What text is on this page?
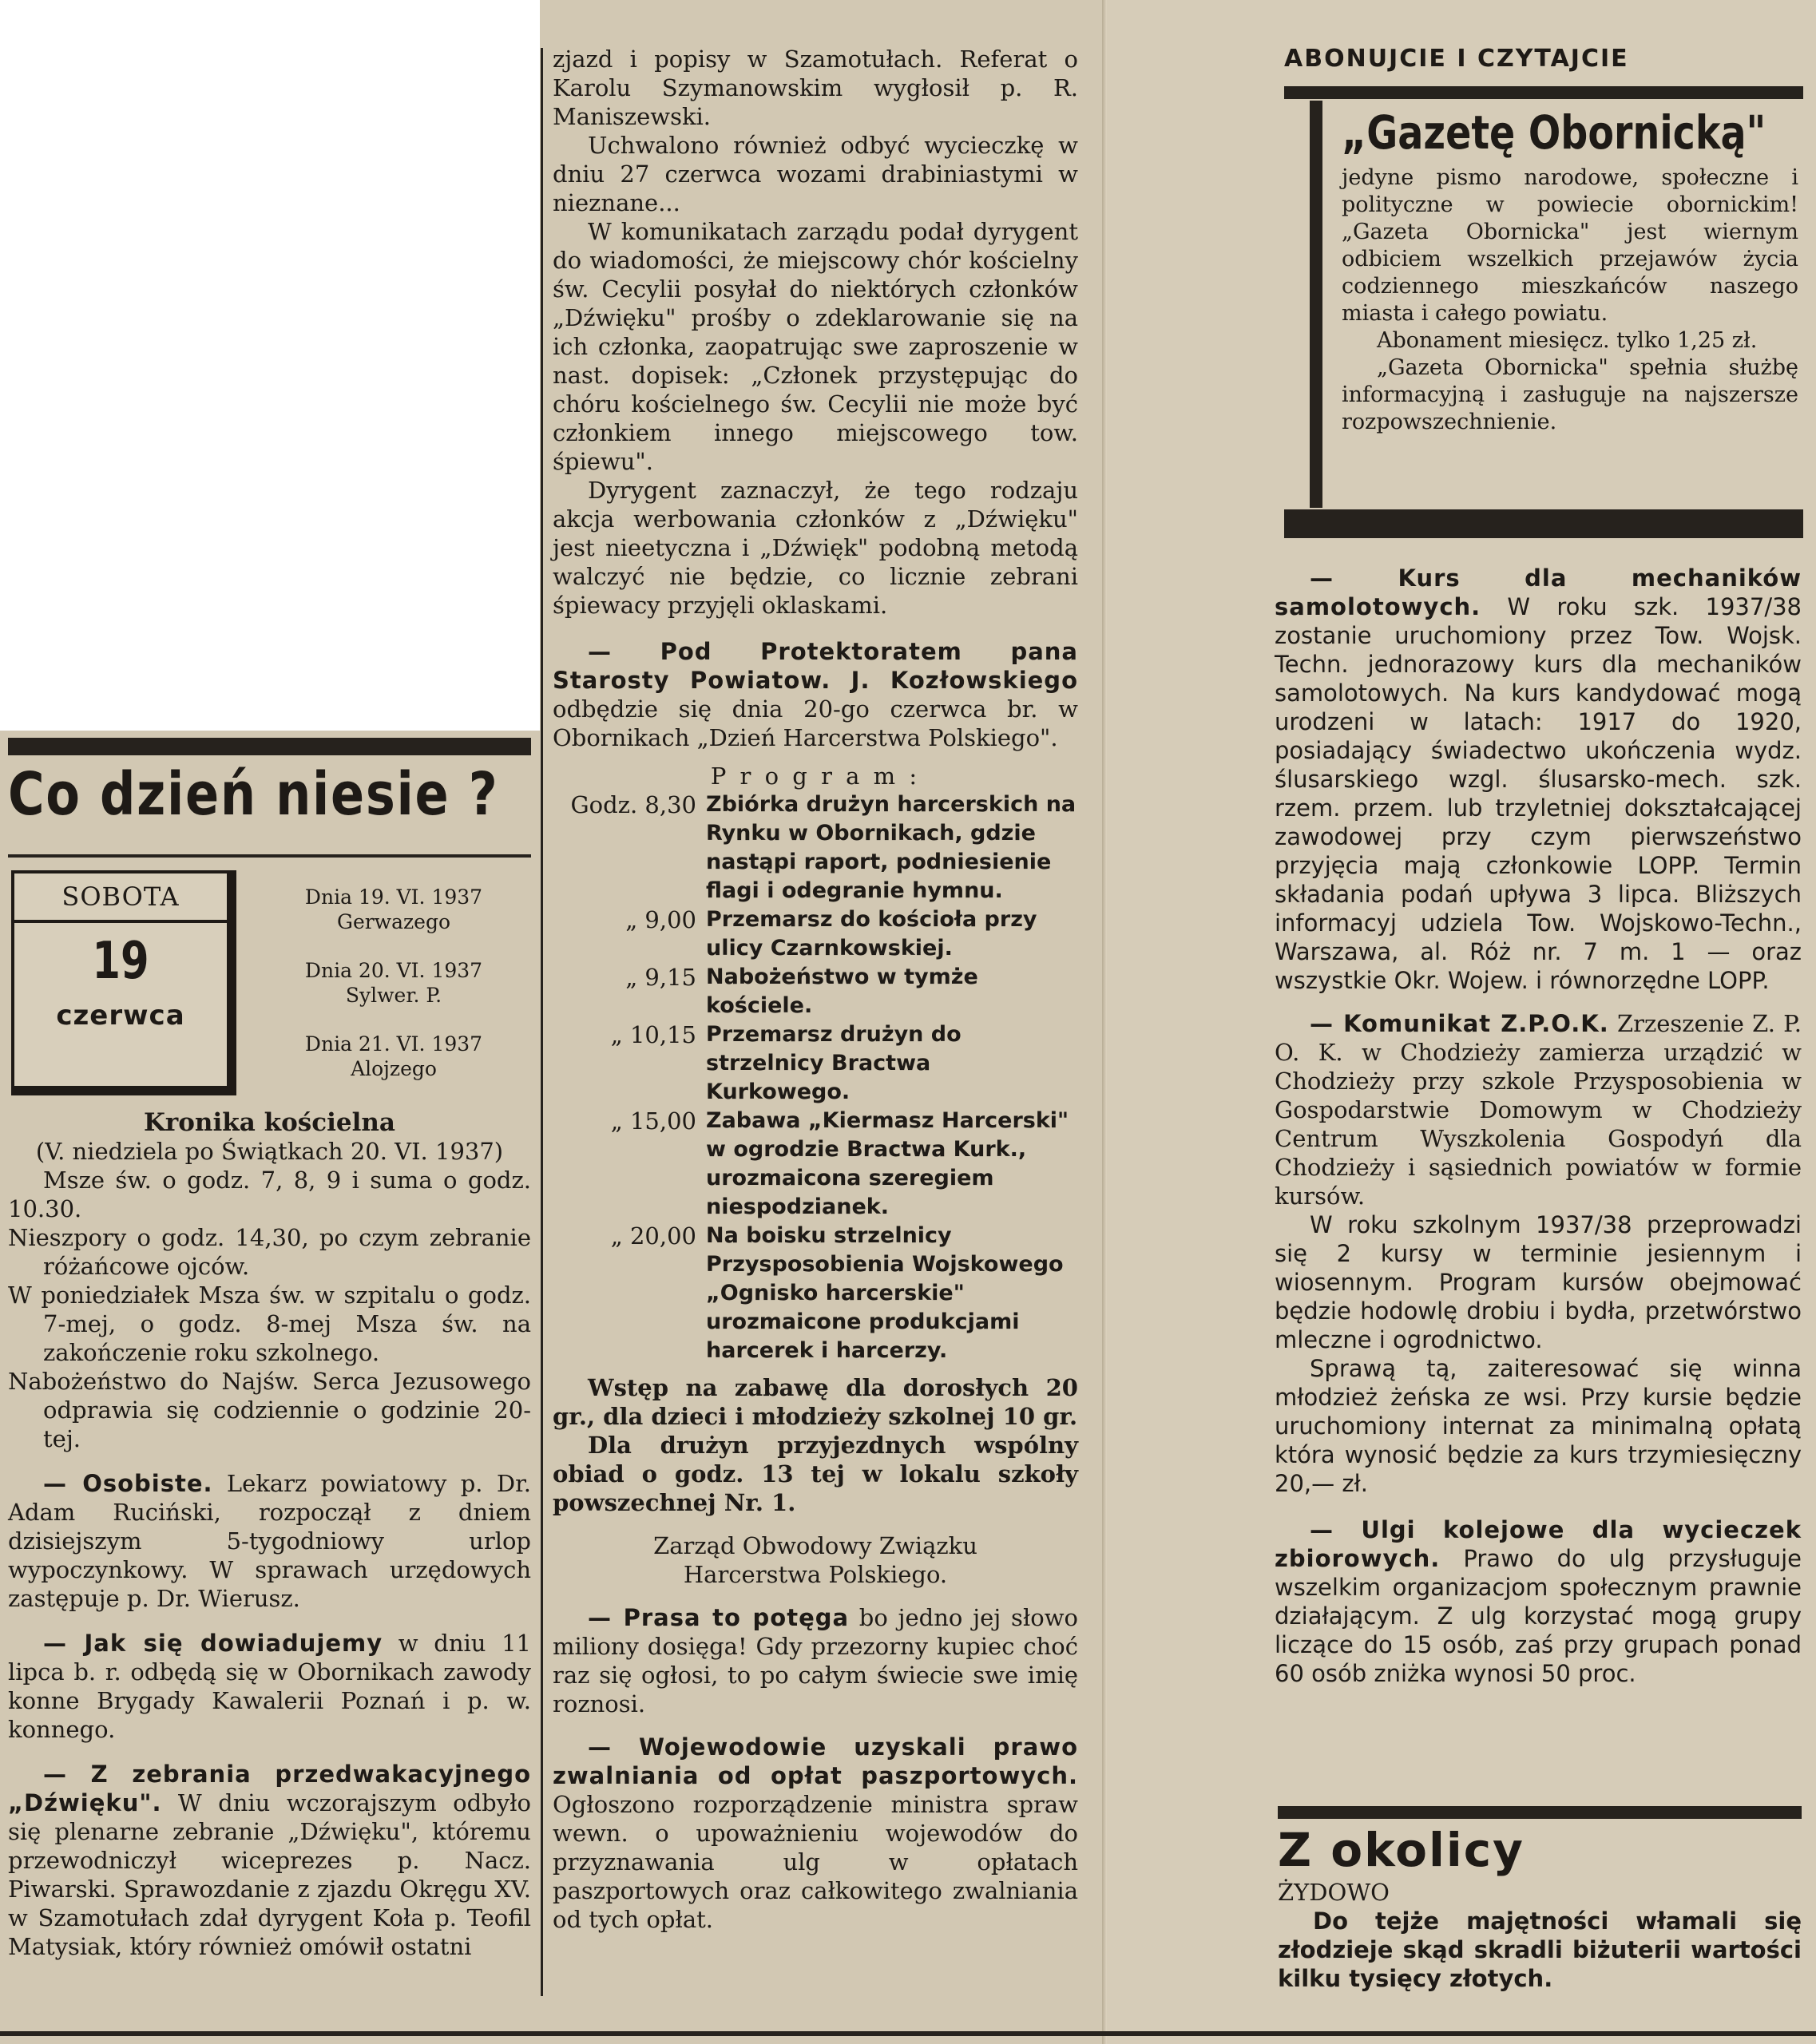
Co dzień niesie ?
SOBOTA
19
czerwca
Dnia 19. VI. 1937
Gerwazego
Dnia 20. VI. 1937
Sylwer. P.
Dnia 21. VI. 1937
Alojzego

Kronika kościelna

(V. niedziela po Świątkach 20. VI. 1937)

Msze św. o godz. 7, 8, 9 i suma o godz. 10.30.

Nieszpory o godz. 14,30, po czym zebranie różańcowe ojców.

W poniedziałek Msza św. w szpitalu o godz. 7-mej, o godz. 8-mej Msza św. na zakończenie roku szkolnego.

Nabożeństwo do Najśw. Serca Jezusowego odprawia się codziennie o godzinie 20-tej.

— Osobiste. Lekarz powiatowy p. Dr. Adam Ruciński, rozpoczął z dniem dzisiejszym 5-tygodniowy urlop wypoczynkowy. W sprawach urzędowych zastępuje p. Dr. Wierusz.

— Jak się dowiadujemy w dniu 11 lipca b. r. odbędą się w Obornikach zawody konne Brygady Kawalerii Poznań i p. w. konnego.

— Z zebrania przedwakacyjnego „Dźwięku". W dniu wczorajszym odbyło się plenarne zebranie „Dźwięku", któremu przewodniczył wiceprezes p. Nacz. Piwarski. Sprawozdanie z zjazdu Okręgu XV. w Szamotułach zdał dyrygent Koła p. Teofil Matysiak, który również omówił ostatni

zjazd i popisy w Szamotułach. Referat o Karolu Szymanowskim wygłosił p. R. Maniszewski.

Uchwalono również odbyć wycieczkę w dniu 27 czerwca wozami drabiniastymi w nieznane...

W komunikatach zarządu podał dyrygent do wiadomości, że miejscowy chór kościelny św. Cecylii posyłał do niektórych członków „Dźwięku" prośby o zdeklarowanie się na ich członka, zaopatrując swe zaproszenie w nast. dopisek: „Członek przystępując do chóru kościelnego św. Cecylii nie może być członkiem innego miejscowego tow. śpiewu".

Dyrygent zaznaczył, że tego rodzaju akcja werbowania członków z „Dźwięku" jest nieetyczna i „Dźwięk" podobną metodą walczyć nie będzie, co licznie zebrani śpiewacy przyjęli oklaskami.

— Pod Protektoratem pana Starosty Powiatow. J. Kozłowskiego odbędzie się dnia 20-go czerwca br. w Obornikach „Dzień Harcerstwa Polskiego".

P r o g r a m :

Godz. 8,30	Zbiórka drużyn harcerskich na Rynku w Obornikach, gdzie nastąpi raport, podniesienie flagi i odegranie hymnu.
„ 9,00	Przemarsz do kościoła przy ulicy Czarnkowskiej.
„ 9,15	Nabożeństwo w tymże kościele.
„ 10,15	Przemarsz drużyn do strzelnicy Bractwa Kurkowego.
„ 15,00	Zabawa „Kiermasz Harcerski" w ogrodzie Bractwa Kurk., urozmaicona szeregiem niespodzianek.
„ 20,00	Na boisku strzelnicy Przysposobienia Wojskowego „Ognisko harcerskie" urozmaicone produkcjami harcerek i harcerzy.

Wstęp na zabawę dla dorosłych 20 gr., dla dzieci i młodzieży szkolnej 10 gr.

Dla drużyn przyjezdnych wspólny obiad o godz. 13 tej w lokalu szkoły powszechnej Nr. 1.

Zarząd Obwodowy Związku

Harcerstwa Polskiego.

— Prasa to potęga bo jedno jej słowo miliony dosięga! Gdy przezorny kupiec choć raz się ogłosi, to po całym świecie swe imię roznosi.

— Wojewodowie uzyskali prawo zwalniania od opłat paszportowych. Ogłoszono rozporządzenie ministra spraw wewn. o upoważnieniu wojewodów do przyznawania ulg w opłatach paszportowych oraz całkowitego zwalniania od tych opłat.

ABONUJCIE I CZYTAJCIE
„Gazetę Obornicką"

jedyne pismo narodowe, społeczne i polityczne w powiecie obornickim! „Gazeta Obornicka" jest wiernym odbiciem wszelkich przejawów życia codziennego mieszkańców naszego miasta i całego powiatu.

Abonament miesięcz. tylko 1,25 zł.

„Gazeta Obornicka" spełnia służbę informacyjną i zasługuje na najszersze rozpowszechnienie.

— Kurs dla mechaników samolotowych. W roku szk. 1937/38 zostanie uruchomiony przez Tow. Wojsk. Techn. jednorazowy kurs dla mechaników samolotowych. Na kurs kandydować mogą urodzeni w latach: 1917 do 1920, posiadający świadectwo ukończenia wydz. ślusarskiego wzgl. ślusarsko-mech. szk. rzem. przem. lub trzyletniej dokształcającej zawodowej przy czym pierwszeństwo przyjęcia mają członkowie LOPP. Termin składania podań upływa 3 lipca. Bliższych informacyj udziela Tow. Wojskowo-Techn., Warszawa, al. Róż nr. 7 m. 1 — oraz wszystkie Okr. Wojew. i równorzędne LOPP.

— Komunikat Z.P.O.K. Zrzeszenie Z. P. O. K. w Chodzieży zamierza urządzić w Chodzieży przy szkole Przysposobienia w Gospodarstwie Domowym w Chodzieży Centrum Wyszkolenia Gospodyń dla Chodzieży i sąsiednich powiatów w formie kursów.

W roku szkolnym 1937/38 przeprowadzi się 2 kursy w terminie jesiennym i wiosennym. Program kursów obejmować będzie hodowlę drobiu i bydła, przetwórstwo mleczne i ogrodnictwo.

Sprawą tą, zaiteresować się winna młodzież żeńska ze wsi. Przy kursie będzie uruchomiony internat za minimalną opłatą która wynosić będzie za kurs trzymiesięczny 20,— zł.

— Ulgi kolejowe dla wycieczek zbiorowych. Prawo do ulg przysługuje wszelkim organizacjom społecznym prawnie działającym. Z ulg korzystać mogą grupy liczące do 15 osób, zaś przy grupach ponad 60 osób zniżka wynosi 50 proc.

Z okolicy

ŻYDOWO

Do tejże majętności włamali się złodzieje skąd skradli biżuterii wartości kilku tysięcy złotych.
